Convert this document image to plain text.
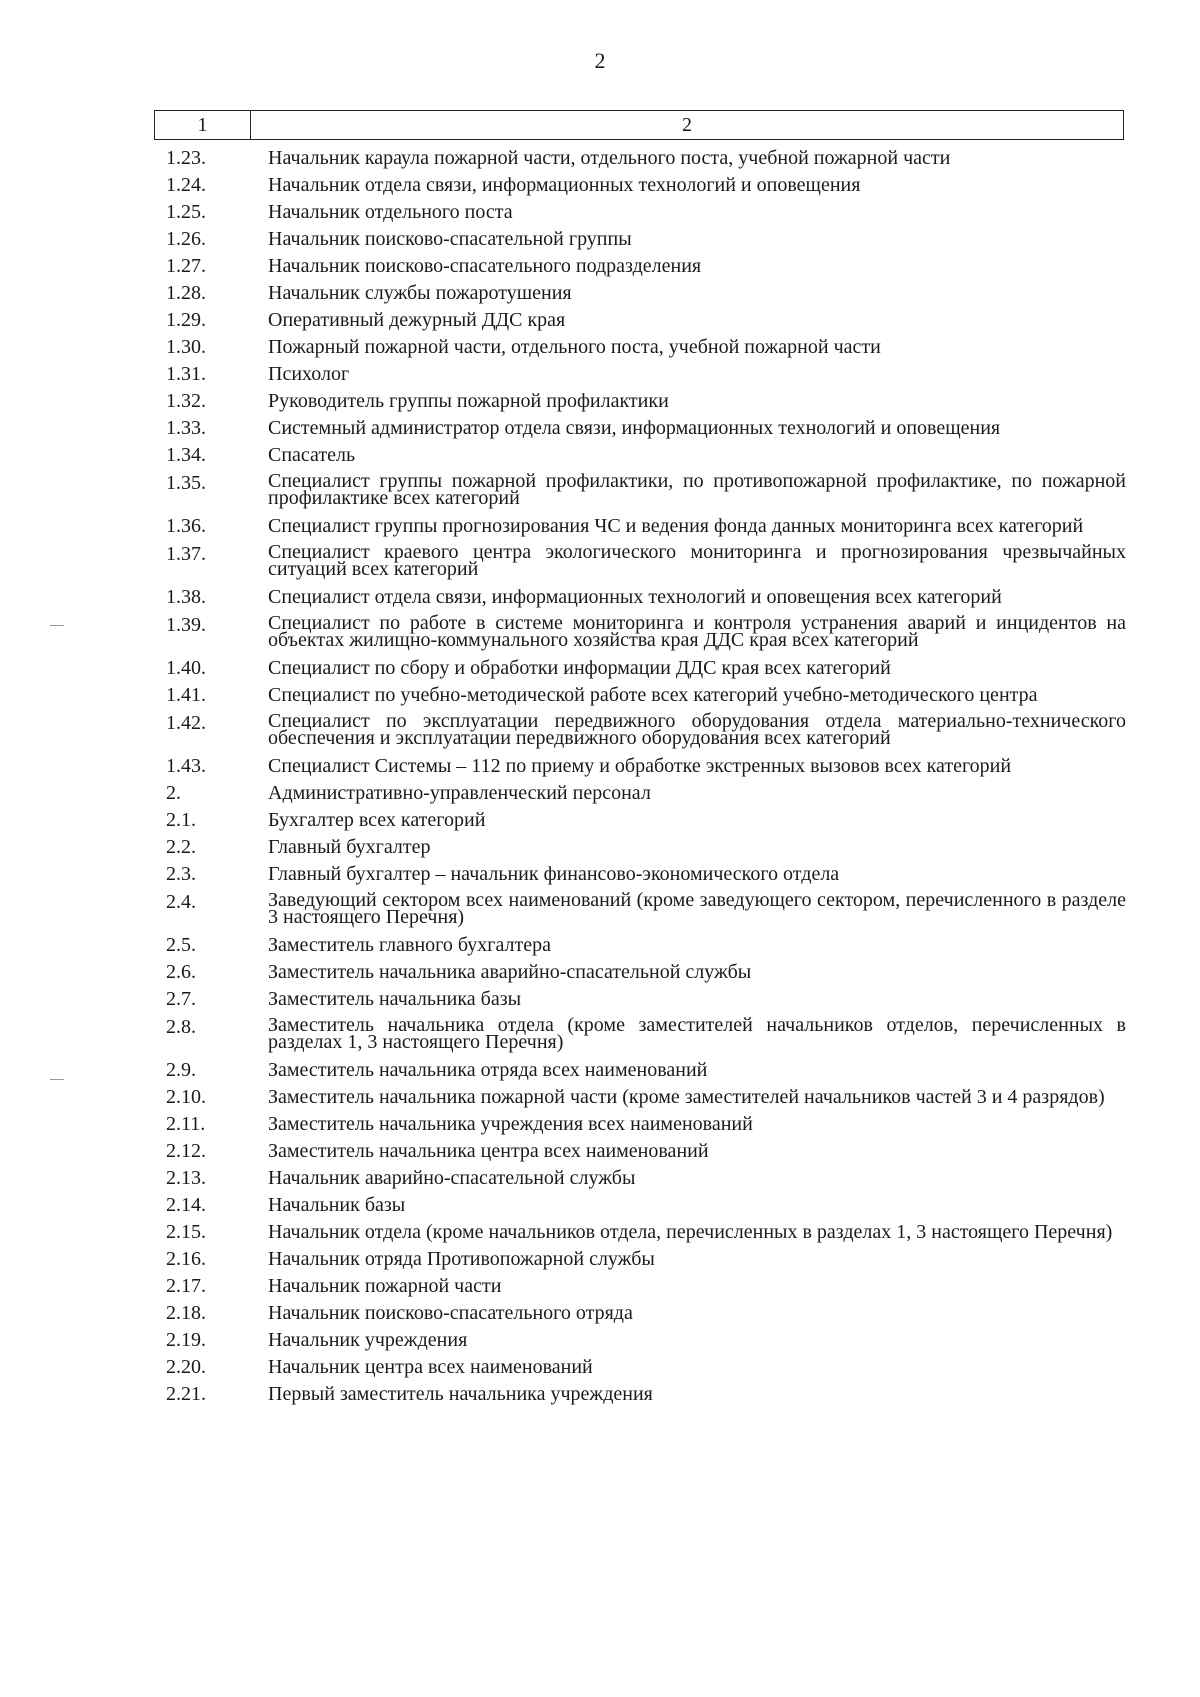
2
1	2
1.23.	Начальник караула пожарной части, отдельного поста, учебной пожарной части
1.24.	Начальник отдела связи, информационных технологий и оповещения
1.25.	Начальник отдельного поста
1.26.	Начальник поисково-спасательной группы
1.27.	Начальник поисково-спасательного подразделения
1.28.	Начальник службы пожаротушения
1.29.	Оперативный дежурный ДДС края
1.30.	Пожарный пожарной части, отдельного поста, учебной пожарной части
1.31.	Психолог
1.32.	Руководитель группы пожарной профилактики
1.33.	Системный администратор отдела связи, информационных технологий и оповещения
1.34.	Спасатель
1.35.	Специалист группы пожарной профилактики, по противопожарной профилактике, по пожарной профилактике всех категорий
1.36.	Специалист группы прогнозирования ЧС и ведения фонда данных мониторинга всех категорий
1.37.	Специалист краевого центра экологического мониторинга и прогнозирования чрезвычайных ситуаций всех категорий
1.38.	Специалист отдела связи, информационных технологий и оповещения всех категорий
1.39.	Специалист по работе в системе мониторинга и контроля устранения аварий и инцидентов на объектах жилищно-коммунального хозяйства края ДДС края всех категорий
1.40.	Специалист по сбору и обработки информации ДДС края всех категорий
1.41.	Специалист по учебно-методической работе всех категорий учебно-методического центра
1.42.	Специалист по эксплуатации передвижного оборудования отдела материально-технического обеспечения и эксплуатации передвижного оборудования всех категорий
1.43.	Специалист Системы – 112 по приему и обработке экстренных вызовов всех категорий
2.	Административно-управленческий персонал
2.1.	Бухгалтер всех категорий
2.2.	Главный бухгалтер
2.3.	Главный бухгалтер – начальник финансово-экономического отдела
2.4.	Заведующий сектором всех наименований (кроме заведующего сектором, перечисленного в разделе 3 настоящего Перечня)
2.5.	Заместитель главного бухгалтера
2.6.	Заместитель начальника аварийно-спасательной службы
2.7.	Заместитель начальника базы
2.8.	Заместитель начальника отдела (кроме заместителей начальников отделов, перечисленных в разделах 1, 3 настоящего Перечня)
2.9.	Заместитель начальника отряда всех наименований
2.10.	Заместитель начальника пожарной части (кроме заместителей начальников частей 3 и 4 разрядов)
2.11.	Заместитель начальника учреждения всех наименований
2.12.	Заместитель начальника центра всех наименований
2.13.	Начальник аварийно-спасательной службы
2.14.	Начальник базы
2.15.	Начальник отдела (кроме начальников отдела, перечисленных в разделах 1, 3 настоящего Перечня)
2.16.	Начальник отряда Противопожарной службы
2.17.	Начальник пожарной части
2.18.	Начальник поисково-спасательного отряда
2.19.	Начальник учреждения
2.20.	Начальник центра всех наименований
2.21.	Первый заместитель начальника учреждения
